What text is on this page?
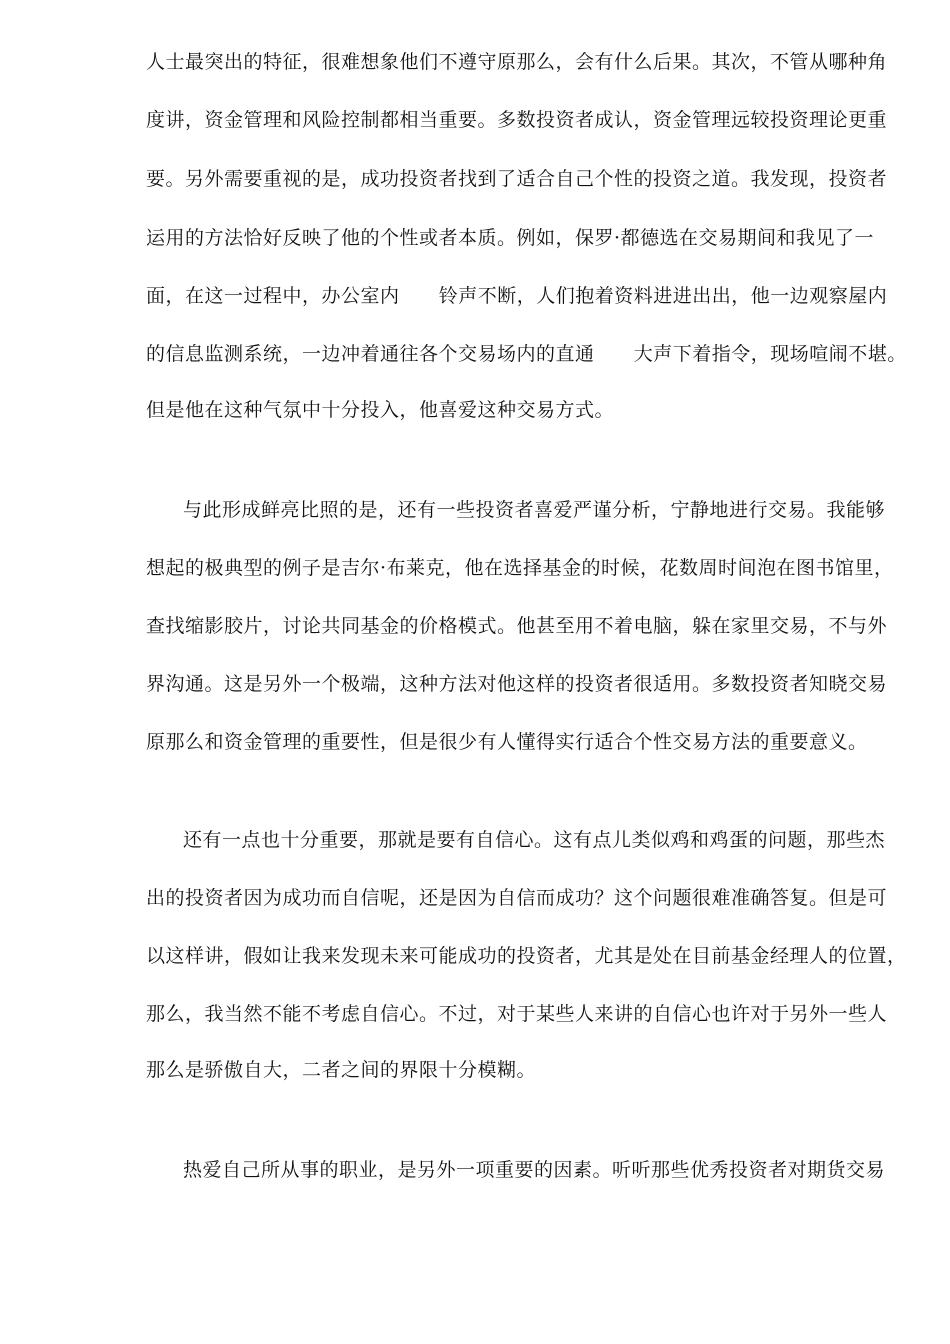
人士最突出的特征，很难想象他们不遵守原那么，会有什么后果。其次，不管从哪种角
度讲，资金管理和风险控制都相当重要。多数投资者成认，资金管理远较投资理论更重
要。另外需要重视的是，成功投资者找到了适合自己个性的投资之道。我发现，投资者
运用的方法恰好反映了他的个性或者本质。例如，保罗·都德选在交易期间和我见了一
面，在这一过程中，办公室内      铃声不断，人们抱着资料进进出出，他一边观察屋内
的信息监测系统，一边冲着通往各个交易场内的直通      大声下着指令，现场喧闹不堪。
但是他在这种气氛中十分投入，他喜爱这种交易方式。
与此形成鲜亮比照的是，还有一些投资者喜爱严谨分析，宁静地进行交易。我能够
想起的极典型的例子是吉尔·布莱克，他在选择基金的时候，花数周时间泡在图书馆里，
查找缩影胶片，讨论共同基金的价格模式。他甚至用不着电脑，躲在家里交易，不与外
界沟通。这是另外一个极端，这种方法对他这样的投资者很适用。多数投资者知晓交易
原那么和资金管理的重要性，但是很少有人懂得实行适合个性交易方法的重要意义。
还有一点也十分重要，那就是要有自信心。这有点儿类似鸡和鸡蛋的问题，那些杰
出的投资者因为成功而自信呢，还是因为自信而成功？这个问题很难准确答复。但是可
以这样讲，假如让我来发现未来可能成功的投资者，尤其是处在目前基金经理人的位置，
那么，我当然不能不考虑自信心。不过，对于某些人来讲的自信心也许对于另外一些人
那么是骄傲自大，二者之间的界限十分模糊。
热爱自己所从事的职业，是另外一项重要的因素。听听那些优秀投资者对期货交易
